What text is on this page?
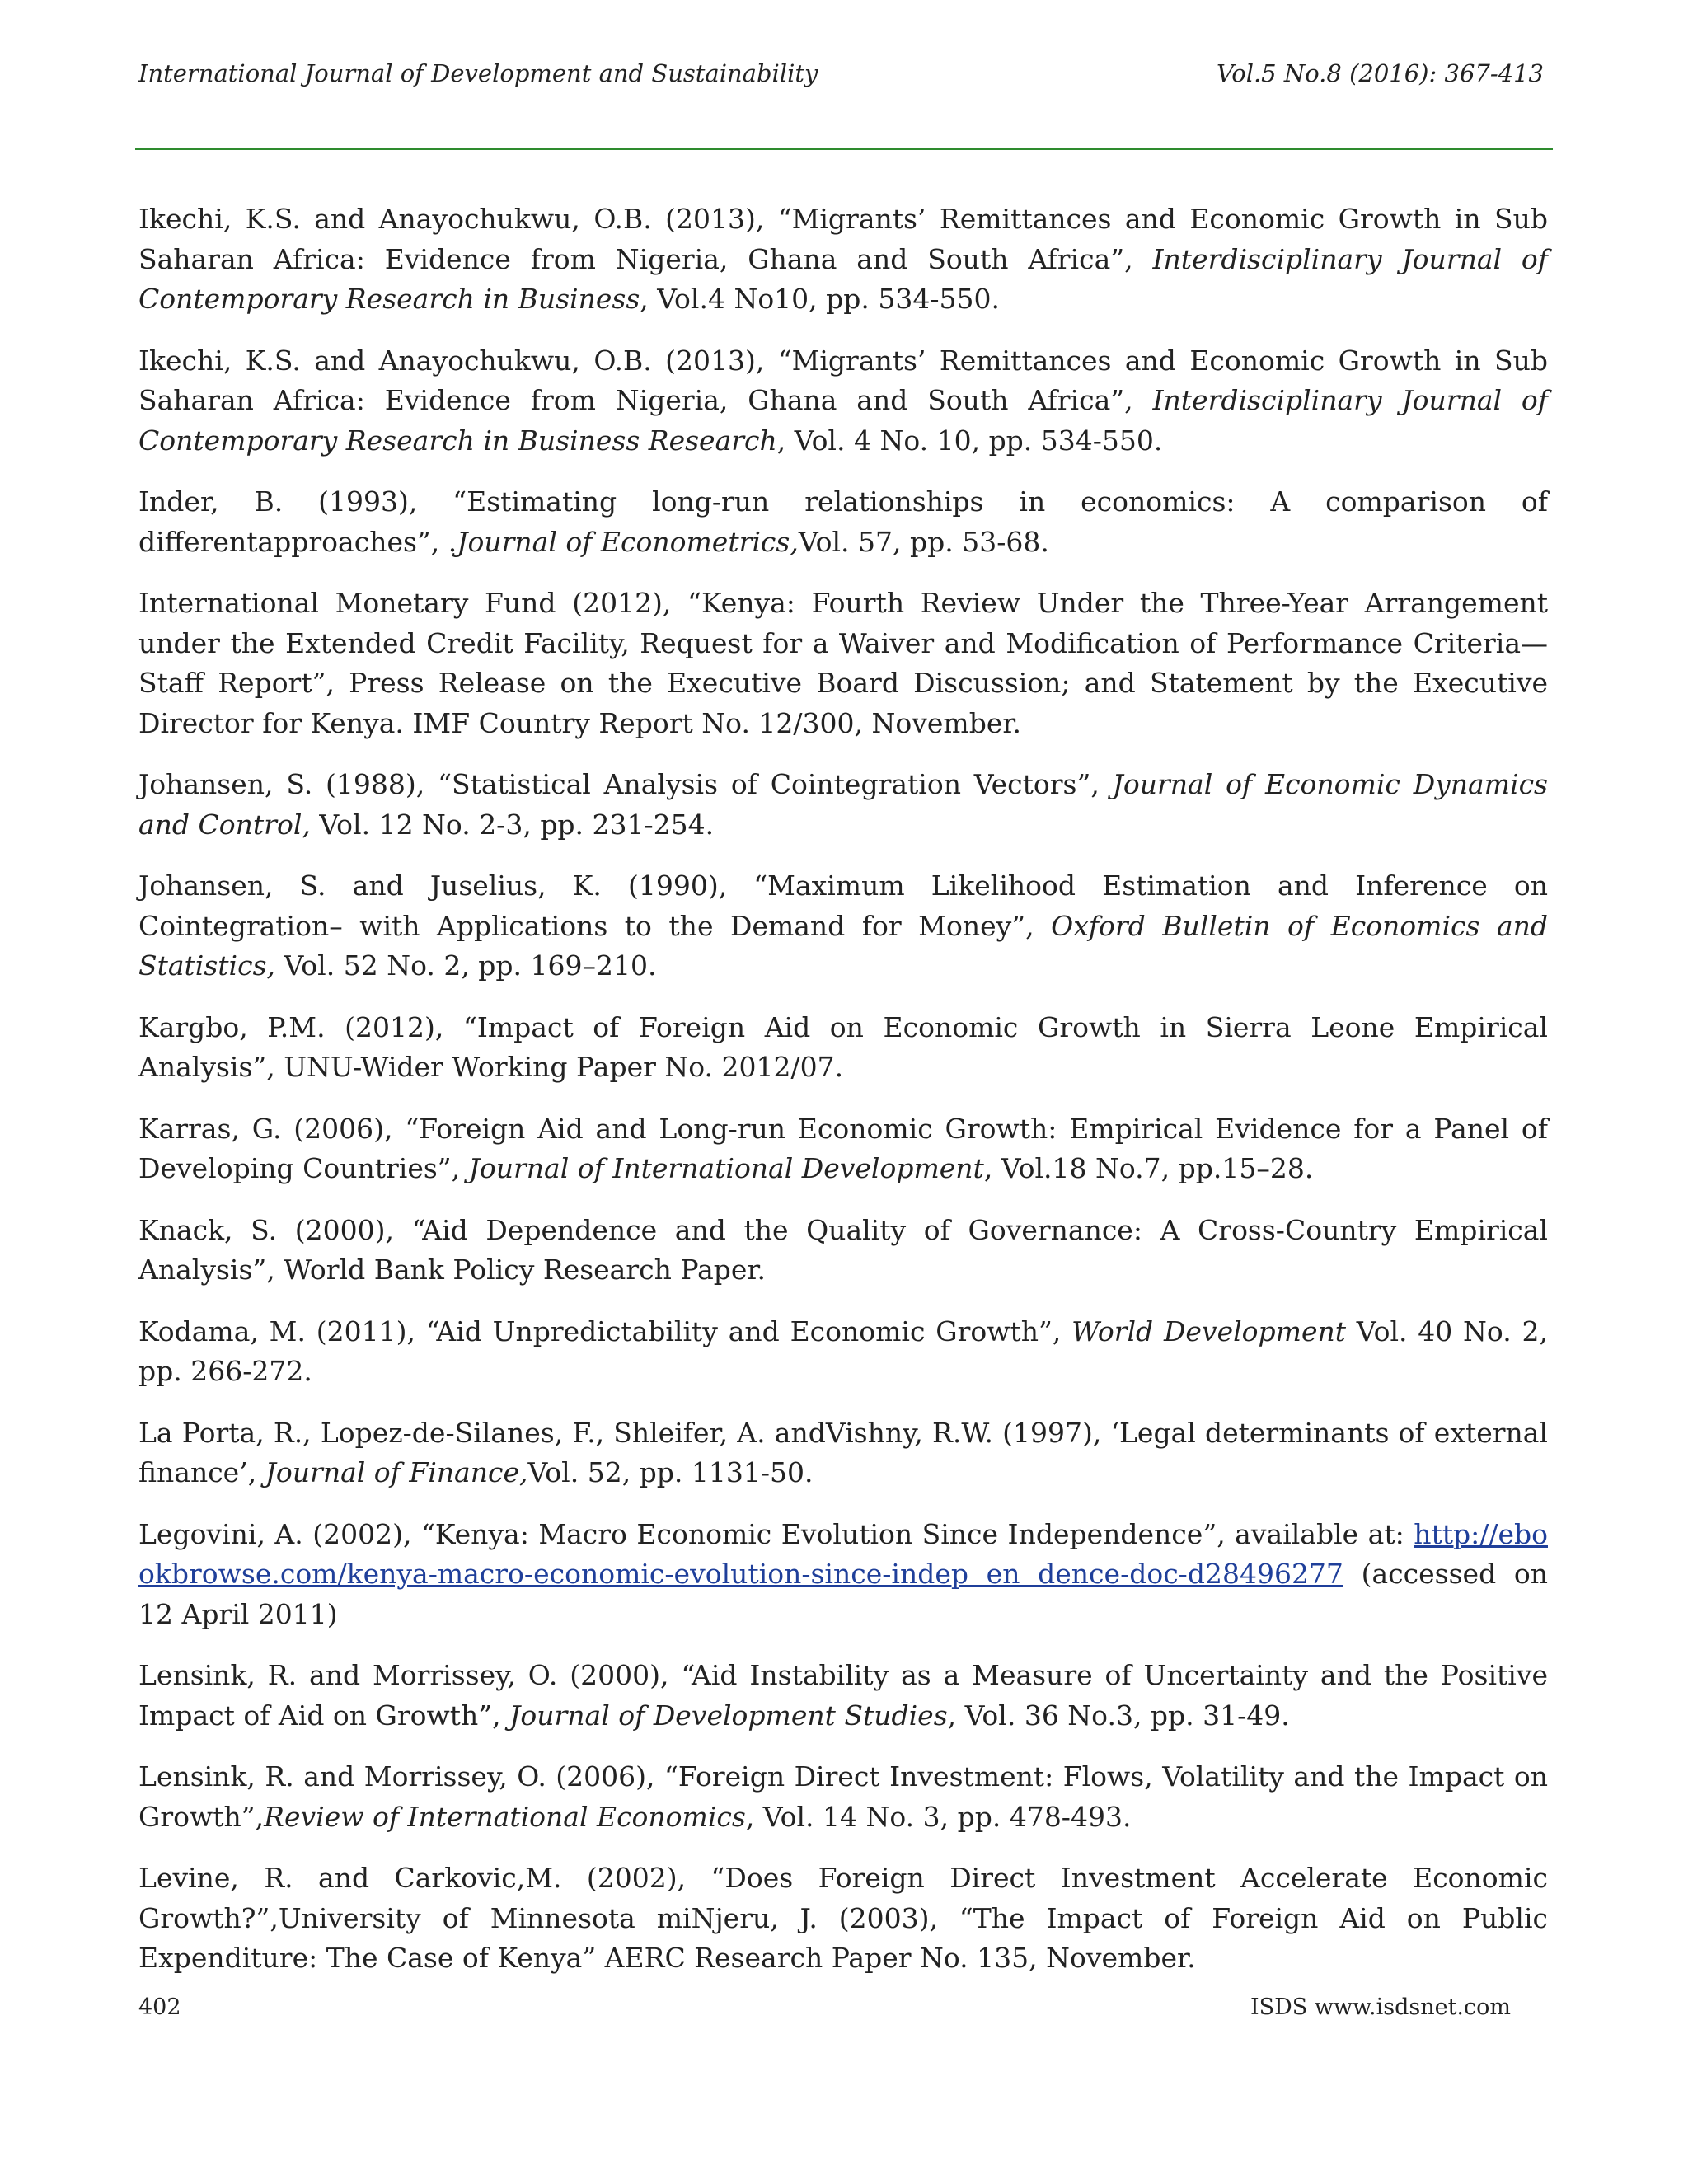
International Journal of Development and Sustainability	Vol.5 No.8 (2016): 367-413

Ikechi, K.S. and Anayochukwu, O.B. (2013), “Migrants’ Remittances and Economic Growth in Sub Saharan Africa: Evidence from Nigeria, Ghana and South Africa”, Interdisciplinary Journal of Contemporary Research in Business, Vol.4 No10, pp. 534-550.

Ikechi, K.S. and Anayochukwu, O.B. (2013), “Migrants’ Remittances and Economic Growth in Sub Saharan Africa: Evidence from Nigeria, Ghana and South Africa”, Interdisciplinary Journal of Contemporary Research in Business Research, Vol. 4 No. 10, pp. 534-550.

Inder, B. (1993), “Estimating long-run relationships in economics: A comparison of differentapproaches”, .Journal of Econometrics,Vol. 57, pp. 53-68.

International Monetary Fund (2012), “Kenya: Fourth Review Under the Three-Year Arrangement under the Extended Credit Facility, Request for a Waiver and Modification of Performance Criteria—Staff Report”, Press Release on the Executive Board Discussion; and Statement by the Executive Director for Kenya. IMF Country Report No. 12/300, November.

Johansen, S. (1988), “Statistical Analysis of Cointegration Vectors”, Journal of Economic Dynamics and Control, Vol. 12 No. 2-3, pp. 231-254.

Johansen, S. and Juselius, K. (1990), “Maximum Likelihood Estimation and Inference on Cointegration– with Applications to the Demand for Money”, Oxford Bulletin of Economics and Statistics, Vol. 52 No. 2, pp. 169–210.

Kargbo, P.M. (2012), “Impact of Foreign Aid on Economic Growth in Sierra Leone Empirical Analysis”, UNU-Wider Working Paper No. 2012/07.

Karras, G. (2006), “Foreign Aid and Long-run Economic Growth: Empirical Evidence for a Panel of Developing Countries”, Journal of International Development, Vol.18 No.7, pp.15–28.

Knack, S. (2000), “Aid Dependence and the Quality of Governance: A Cross-Country Empirical Analysis”, World Bank Policy Research Paper.

Kodama, M. (2011), “Aid Unpredictability and Economic Growth”, World Development Vol. 40 No. 2, pp. 266-272.

La Porta, R., Lopez-de-Silanes, F., Shleifer, A. andVishny, R.W. (1997), ‘Legal determinants of external finance’, Journal of Finance,Vol. 52, pp. 1131-50.

Legovini, A. (2002), “Kenya: Macro Economic Evolution Since Independence”, available at: http://ebookbrowse.com/kenya-macro-economic-evolution-since-indep en dence-doc-d28496277 (accessed on 12 April 2011)

Lensink, R. and Morrissey, O. (2000), “Aid Instability as a Measure of Uncertainty and the Positive Impact of Aid on Growth”, Journal of Development Studies, Vol. 36 No.3, pp. 31-49.

Lensink, R. and Morrissey, O. (2006), “Foreign Direct Investment: Flows, Volatility and the Impact on Growth”,Review of International Economics, Vol. 14 No. 3, pp. 478-493.

Levine, R. and Carkovic,M. (2002), “Does Foreign Direct Investment Accelerate Economic Growth?”,University of Minnesota miNjeru, J. (2003), “The Impact of Foreign Aid on Public Expenditure: The Case of Kenya” AERC Research Paper No. 135, November.

402	ISDS www.isdsnet.com
